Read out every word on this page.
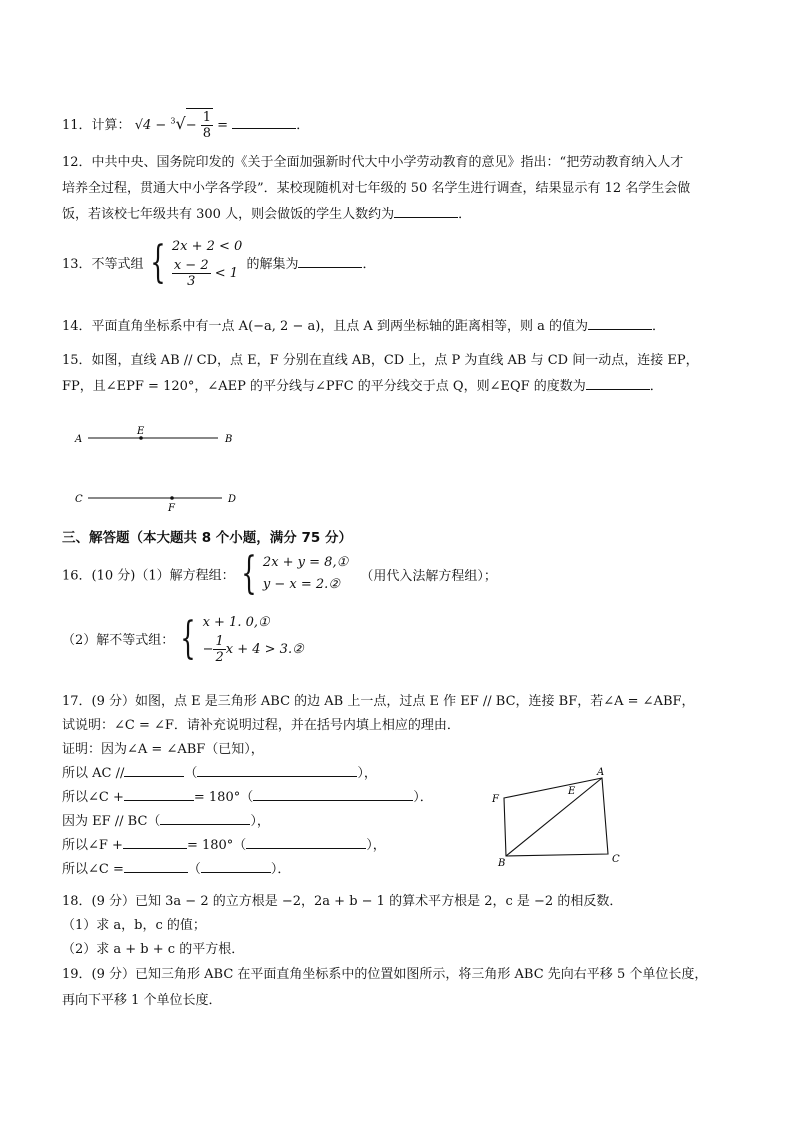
11．计算： $√4 - ^3√- \frac{1}{8}$ =	．
12．中共中央、国务院印发的《关于全面加强新时代大中小学劳动教育的意见》指出：“把劳动教育纳入人才
培养全过程，贯通大中小学各学段”．某校现随机对七年级的 50 名学生进行调查，结果显示有 12 名学生会做
饭，若该校七年级共有 300 人，则会做饭的学生人数约为	．
13．不等式组 { 2x + 2 < 0
$\frac{x - 2}{3} < 1$
的解集为	．
14．平面直角坐标系中有一点 A(−a, 2 − a)，且点 A 到两坐标轴的距离相等，则 a 的值为	．
15．如图，直线 AB // CD，点 E，F 分别在直线 AB，CD 上，点 P 为直线 AB 与 CD 间一动点，连接 EP，
FP，且∠EPF = 120°，∠AEP 的平分线与∠PFC 的平分线交于点 Q，则∠EQF 的度数为	．
A	B
E
C	D
F
三、解答题（本大题共 8 个小题，满分 75 分）
16．(10 分)（1）解方程组： { 2x + y = 8,①
y − x = 2.②
（用代入法解方程组）；
（2）解不等式组： { x + 1. 0,①
− $\frac{1}{2}$ x + 4 > 3.②
17．(9 分）如图，点 E 是三角形 ABC 的边 AB 上一点，过点 E 作 EF // BC，连接 BF，若∠A = ∠ABF，
试说明：∠C = ∠F．请补充说明过程，并在括号内填上相应的理由．
证明：因为∠A = ∠ABF（已知），
所以 AC //	（	），
所以∠C +	= 180°（	）．
因为 EF // BC（	），
所以∠F +	= 180°（	），
所以∠C =	（	）．
A
E
F
B	C
18．(9 分）已知 3a − 2 的立方根是 −2，2a + b − 1 的算术平方根是 2，c 是 −2 的相反数．
（1）求 a，b，c 的值；
（2）求 a + b + c 的平方根．
19．(9 分）已知三角形 ABC 在平面直角坐标系中的位置如图所示，将三角形 ABC 先向右平移 5 个单位长度，
再向下平移 1 个单位长度．
